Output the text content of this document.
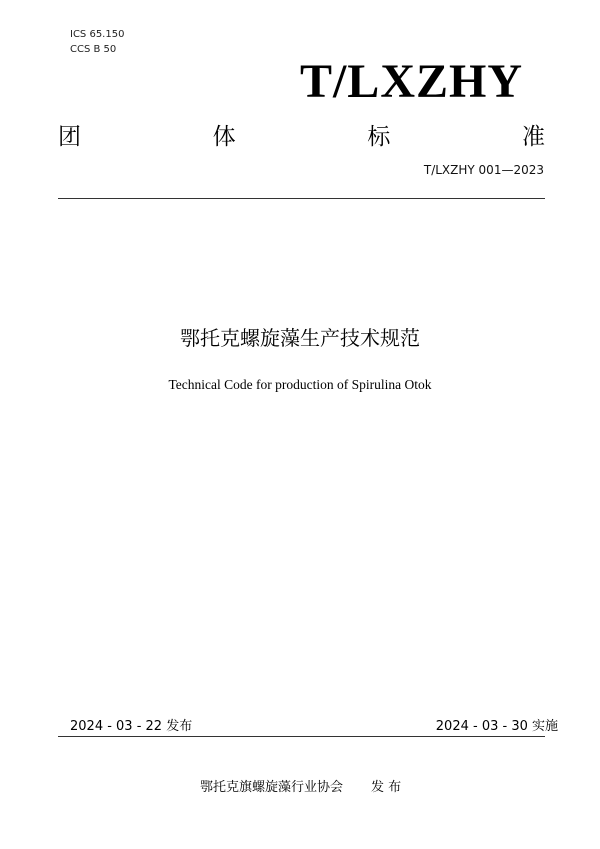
ICS 65.150
CCS B 50
T/LXZHY
团	体	标	准
T/LXZHY 001—2023
鄂托克螺旋藻生产技术规范
Technical Code for production of Spirulina Otok
2024 - 03 - 22 发布	2024 - 03 - 30 实施
鄂托克旗螺旋藻行业协会 发 布
